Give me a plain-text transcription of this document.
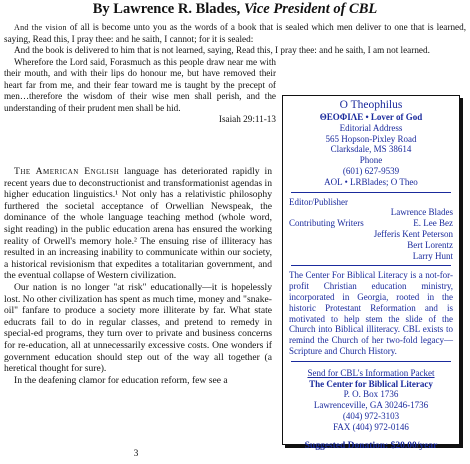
By Lawrence R. Blades, Vice President of CBL

And the vision of all is become unto you as the words of a book that is sealed which men deliver to one that is learned, saying, Read this, I pray thee: and he saith, I cannot; for it is sealed:

And the book is delivered to him that is not learned, saying, Read this, I pray thee: and he saith, I am not learned.

Wherefore the Lord said, Forasmuch as this people draw near me with their mouth, and with their lips do honour me, but have removed their heart far from me, and their fear toward me is taught by the precept of men…therefore the wisdom of their wise men shall perish, and the understanding of their prudent men shall be hid.

Isaiah 29:11-13

The American English language has deteriorated rapidly in recent years due to deconstructionist and transformationist agendas in higher education linguistics.¹ Not only has a relativistic philosophy furthered the societal acceptance of Orwellian Newspeak, the dominance of the whole language teaching method (whole word, sight reading) in the public education arena has ensured the working reality of Orwell's memory hole.² The ensuing rise of illiteracy has resulted in an increasing inability to communicate within our society, a historical revisionism that expedites a totalitarian government, and the eventual collapse of Western civilization.

Our nation is no longer "at risk" educationally—it is hopelessly lost. No other civilization has spent as much time, money and "snake-oil" fanfare to produce a society more illiterate by far. What state educrats fail to do in regular classes, and pretend to remedy in special-ed programs, they turn over to private and business concerns for re-education, all at unnecessarily excessive costs. One wonders if government education should step out of the way all together (a heretical thought for sure).

In the deafening clamor for education reform, few see a

3
O Theophilus
ΘΕΟΦΙΛΕ • Lover of God
Editorial Address
565 Hopson-Pixley Road
Clarksdale, MS 38614
Phone
(601) 627-9539
AOL • LRBlades; O Theo
Editor/Publisher
Lawrence Blades
Contributing Writers	E. Lee Bez
Jefferis Kent Peterson
Bert Lorentz
Larry Hunt

The Center For Biblical Literacy is a not-for-profit Christian education ministry, incorporated in Georgia, rooted in the historic Protestant Reformation and is motivated to help stem the slide of the Church into Biblical illiteracy. CBL exists to remind the Church of her two-fold legacy—Scripture and Church History.

Send for CBL's Information Packet
The Center for Biblical Literacy
P. O. Box 1736
Lawrenceville, GA 30246-1736
(404) 972-3103
FAX (404) 972-0146
Suggested Donation: $20.00/year
